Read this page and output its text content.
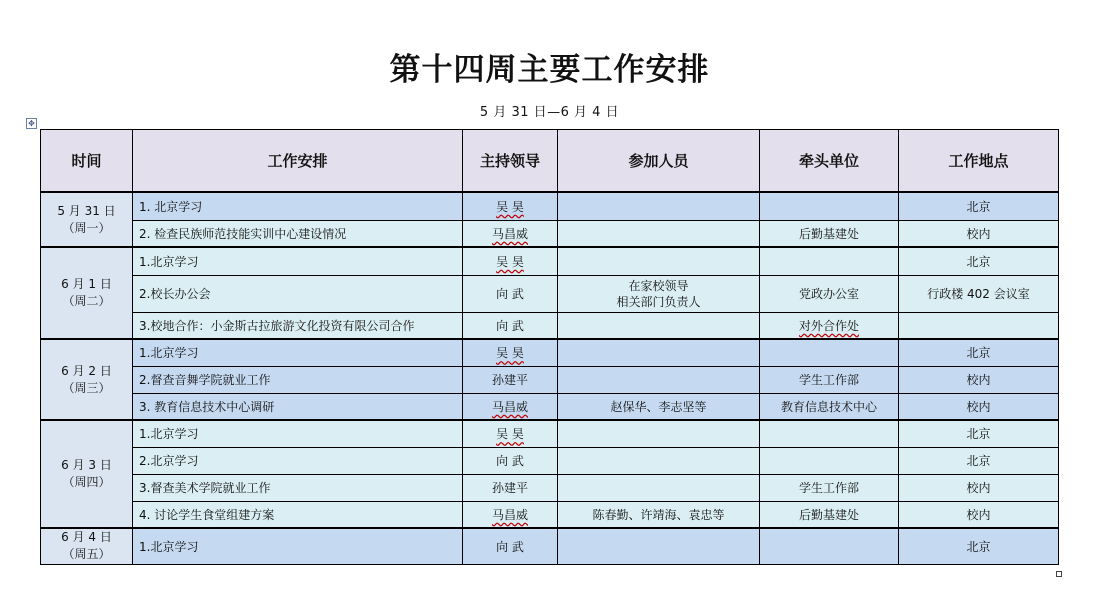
第十四周主要工作安排
5 月 31 日—6 月 4 日
✥
时间	工作安排	主持领导	参加人员	牵头单位	工作地点

5 月 31 日
（周一）	1. 北京学习	吴 昊			北京
	2. 检查民族师范技能实训中心建设情况	马昌威		后勤基建处	校内

6 月 1 日
（周二）	1.北京学习	吴 昊			北京
	2.校长办公会	向 武	在家校领导
相关部门负责人	党政办公室	行政楼 402 会议室
	3.校地合作：小金斯古拉旅游文化投资有限公司合作	向 武		对外合作处	

6 月 2 日
（周三）	1.北京学习	吴 昊			北京
	2.督查音舞学院就业工作	孙建平		学生工作部	校内
	3. 教育信息技术中心调研	马昌威	赵保华、李志坚等	教育信息技术中心	校内

6 月 3 日
（周四）	1.北京学习	吴 昊			北京
	2.北京学习	向 武			北京
	3.督查美术学院就业工作	孙建平		学生工作部	校内
	4. 讨论学生食堂组建方案	马昌威	陈春勤、许靖海、袁忠等	后勤基建处	校内

6 月 4 日
（周五）	1.北京学习	向 武			北京
